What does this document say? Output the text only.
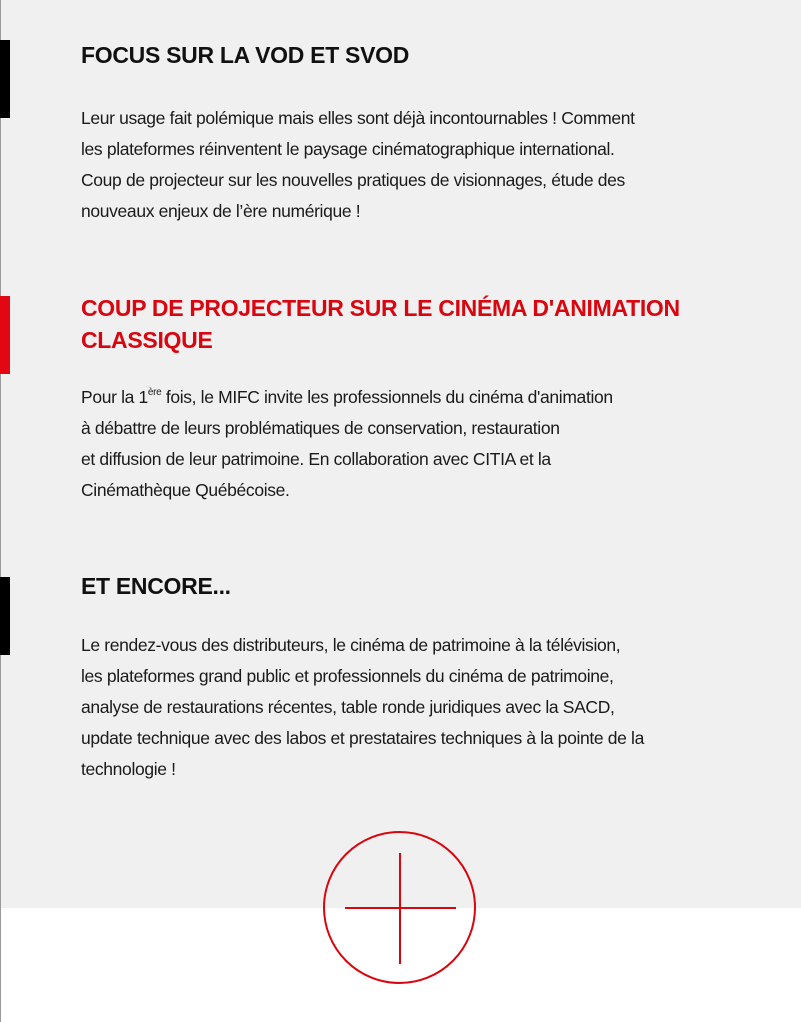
FOCUS SUR LA VOD ET SVOD

Leur usage fait polémique mais elles sont déjà incontournables ! Comment
les plateformes réinventent le paysage cinématographique international.
Coup de projecteur sur les nouvelles pratiques de visionnages, étude des
nouveaux enjeux de l’ère numérique !

COUP DE PROJECTEUR SUR LE CINÉMA D'ANIMATION
CLASSIQUE

Pour la 1ère fois, le MIFC invite les professionnels du cinéma d'animation
à débattre de leurs problématiques de conservation, restauration
et diffusion de leur patrimoine. En collaboration avec CITIA et la
Cinémathèque Québécoise.

ET ENCORE...

Le rendez-vous des distributeurs, le cinéma de patrimoine à la télévision,
les plateformes grand public et professionnels du cinéma de patrimoine,
analyse de restaurations récentes, table ronde juridiques avec la SACD,
update technique avec des labos et prestataires techniques à la pointe de la
technologie !
